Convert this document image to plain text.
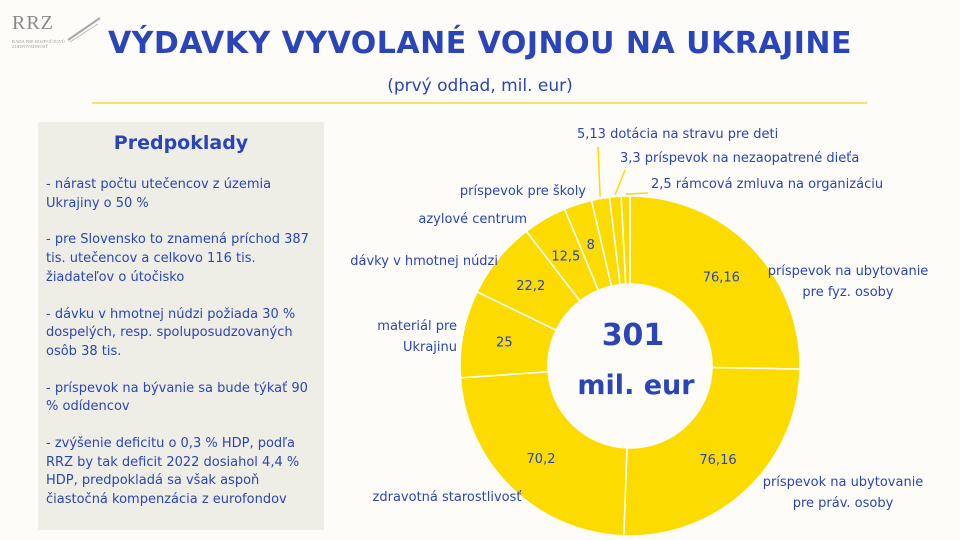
RRZ
RADA PRE ROZPOČTOVÚ ZODPOVEDNOSŤ	VÝDAVKY VYVOLANÉ VOJNOU NA UKRAJINE
(prvý odhad, mil. eur)
Predpoklady
- nárast počtu utečencov z územia Ukrajiny o 50 %
- pre Slovensko to znamená príchod 387 tis. utečencov a celkovo 116 tis. žiadateľov o útočisko
- dávku v hmotnej núdzi požiada 30 % dospelých, resp. spoluposudzovaných osôb 38 tis.
- príspevok na bývanie sa bude týkať 90 % odídencov
- zvýšenie deficitu o 0,3 % HDP, podľa RRZ by tak deficit 2022 dosiahol 4,4 % HDP, predpokladá sa však aspoň čiastočná kompenzácia z eurofondov
76,16
76,16
70,2
25
22,2
12,5
8
príspevok na ubytovanie
pre fyz. osoby
príspevok na ubytovanie
pre práv. osoby
zdravotná starostlivosť
materiál pre
Ukrajinu
dávky v hmotnej núdzi
azylové centrum
príspevok pre školy
5,13 dotácia na stravu pre deti
3,3 príspevok na nezaopatrené dieťa
2,5 rámcová zmluva na organizáciu
301
mil. eur
